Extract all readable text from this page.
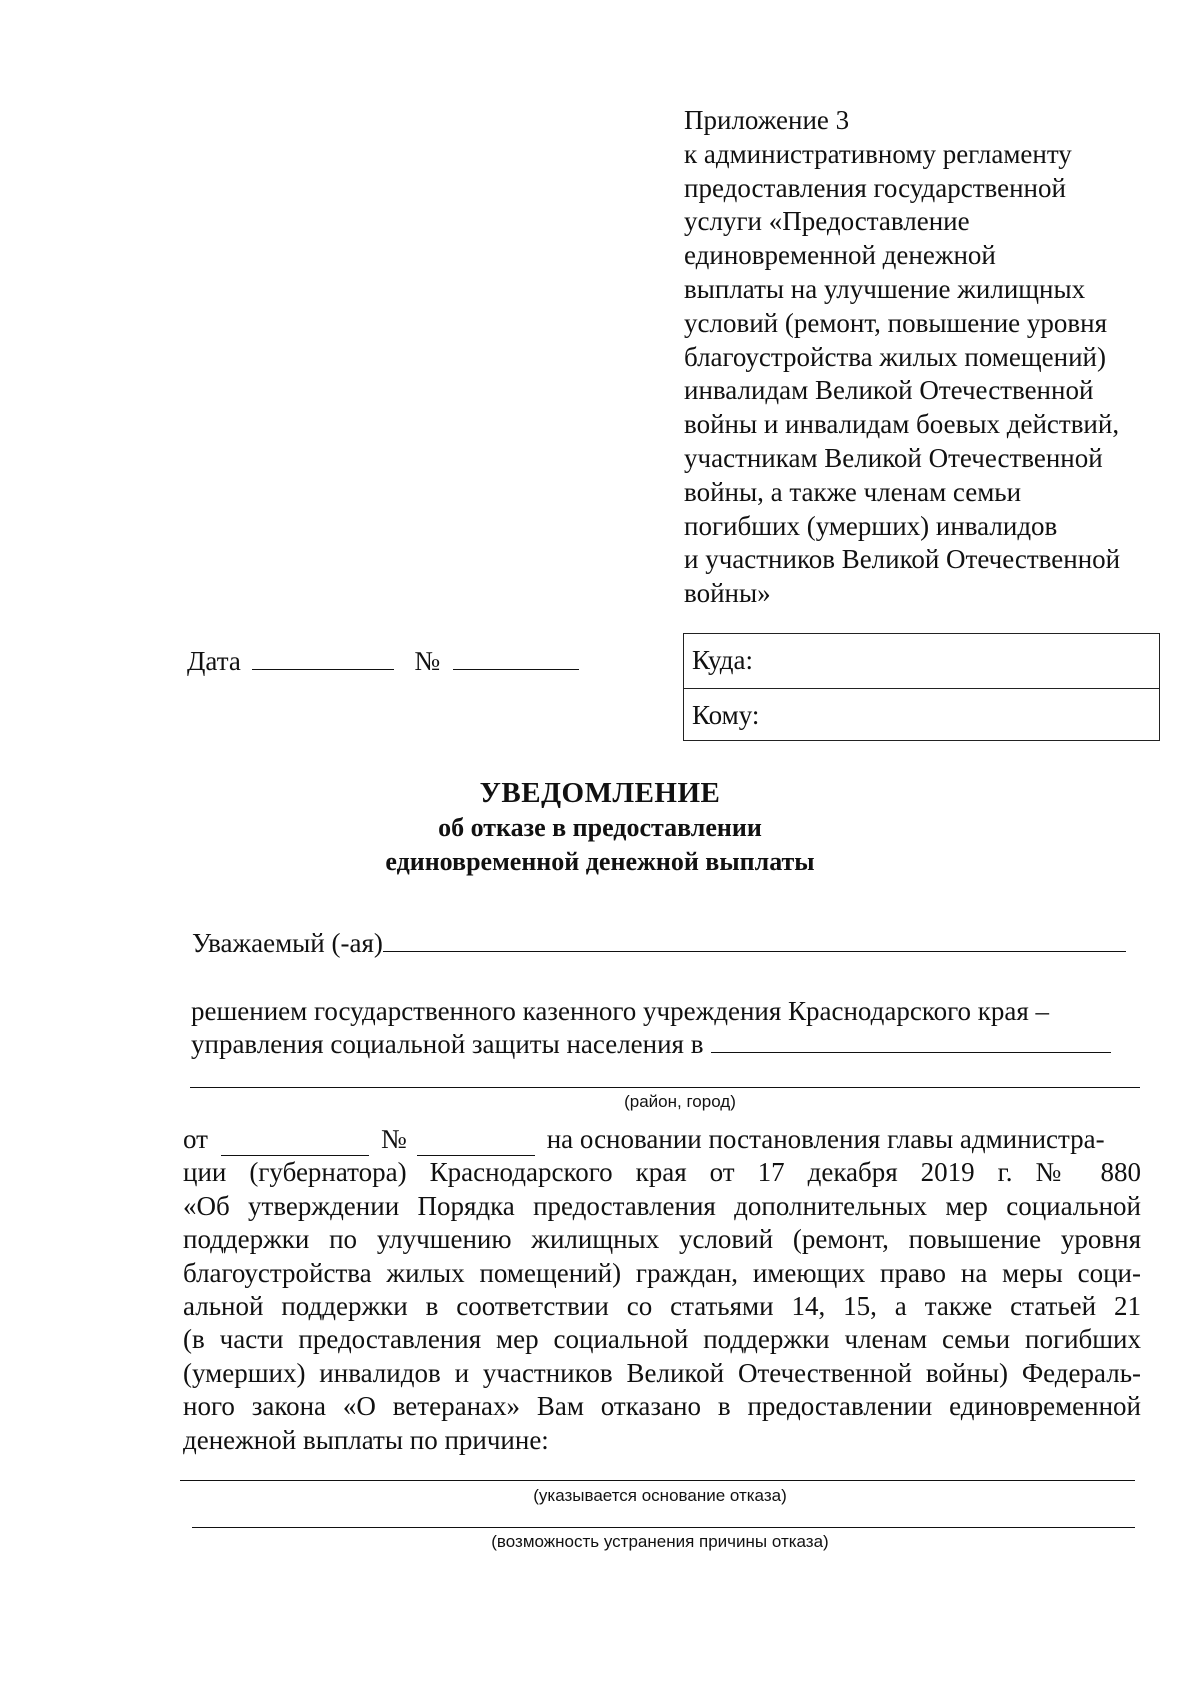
Приложение 3
к административному регламенту
предоставления государственной
услуги «Предоставление
единовременной денежной
выплаты на улучшение жилищных
условий (ремонт, повышение уровня
благоустройства жилых помещений)
инвалидам Великой Отечественной
войны и инвалидам боевых действий,
участникам Великой Отечественной
войны, а также членам семьи
погибших (умерших) инвалидов
и участников Великой Отечественной
войны»
Дата	№	Куда:
Кому:
УВЕДОМЛЕНИЕ
об отказе в предоставлении
единовременной денежной выплаты
Уважаемый (-ая)
решением государственного казенного учреждения Краснодарского края –
управления социальной защиты населения в
(район, город)
от	№	на основании постановления главы администра-
ции (губернатора) Краснодарского края от 17 декабря 2019 г. № 880
«Об утверждении Порядка предоставления дополнительных мер социальной
поддержки по улучшению жилищных условий (ремонт, повышение уровня
благоустройства жилых помещений) граждан, имеющих право на меры соци-
альной поддержки в соответствии со статьями 14, 15, а также статьей 21
(в части предоставления мер социальной поддержки членам семьи погибших
(умерших) инвалидов и участников Великой Отечественной войны) Федераль-
ного закона «О ветеранах» Вам отказано в предоставлении единовременной
денежной выплаты по причине:
(указывается основание отказа)
(возможность устранения причины отказа)
